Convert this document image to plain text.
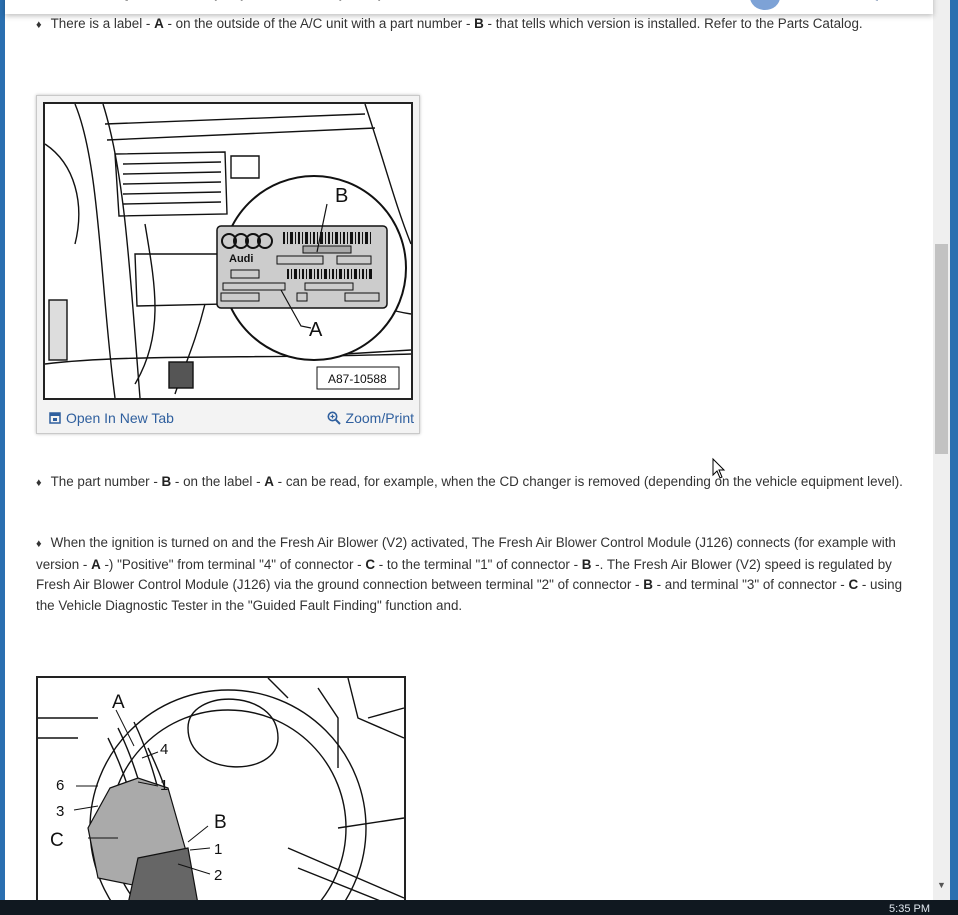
♦ There is a label - A - on the outside of the A/C unit with a part number - B - that tells which version is installed. Refer to the Parts Catalog.

Audi
B
A
A87-10588
Open In New Tab	Zoom/Print

♦ The part number - B - on the label - A - can be read, for example, when the CD changer is removed (depending on the vehicle equipment level).

♦ When the ignition is turned on and the Fresh Air Blower (V2) activated, The Fresh Air Blower Control Module (J126) connects (for example with version - A -) "Positive" from terminal "4" of connector - C - to the terminal "1" of connector - B -. The Fresh Air Blower (V2) speed is regulated by Fresh Air Blower Control Module (J126) via the ground connection between terminal "2" of connector - B - and terminal "3" of connector - C - using the Vehicle Diagnostic Tester in the "Guided Fault Finding" function and.

A
4
1
6
3
C
B
1
2
▼
5:35 PM
